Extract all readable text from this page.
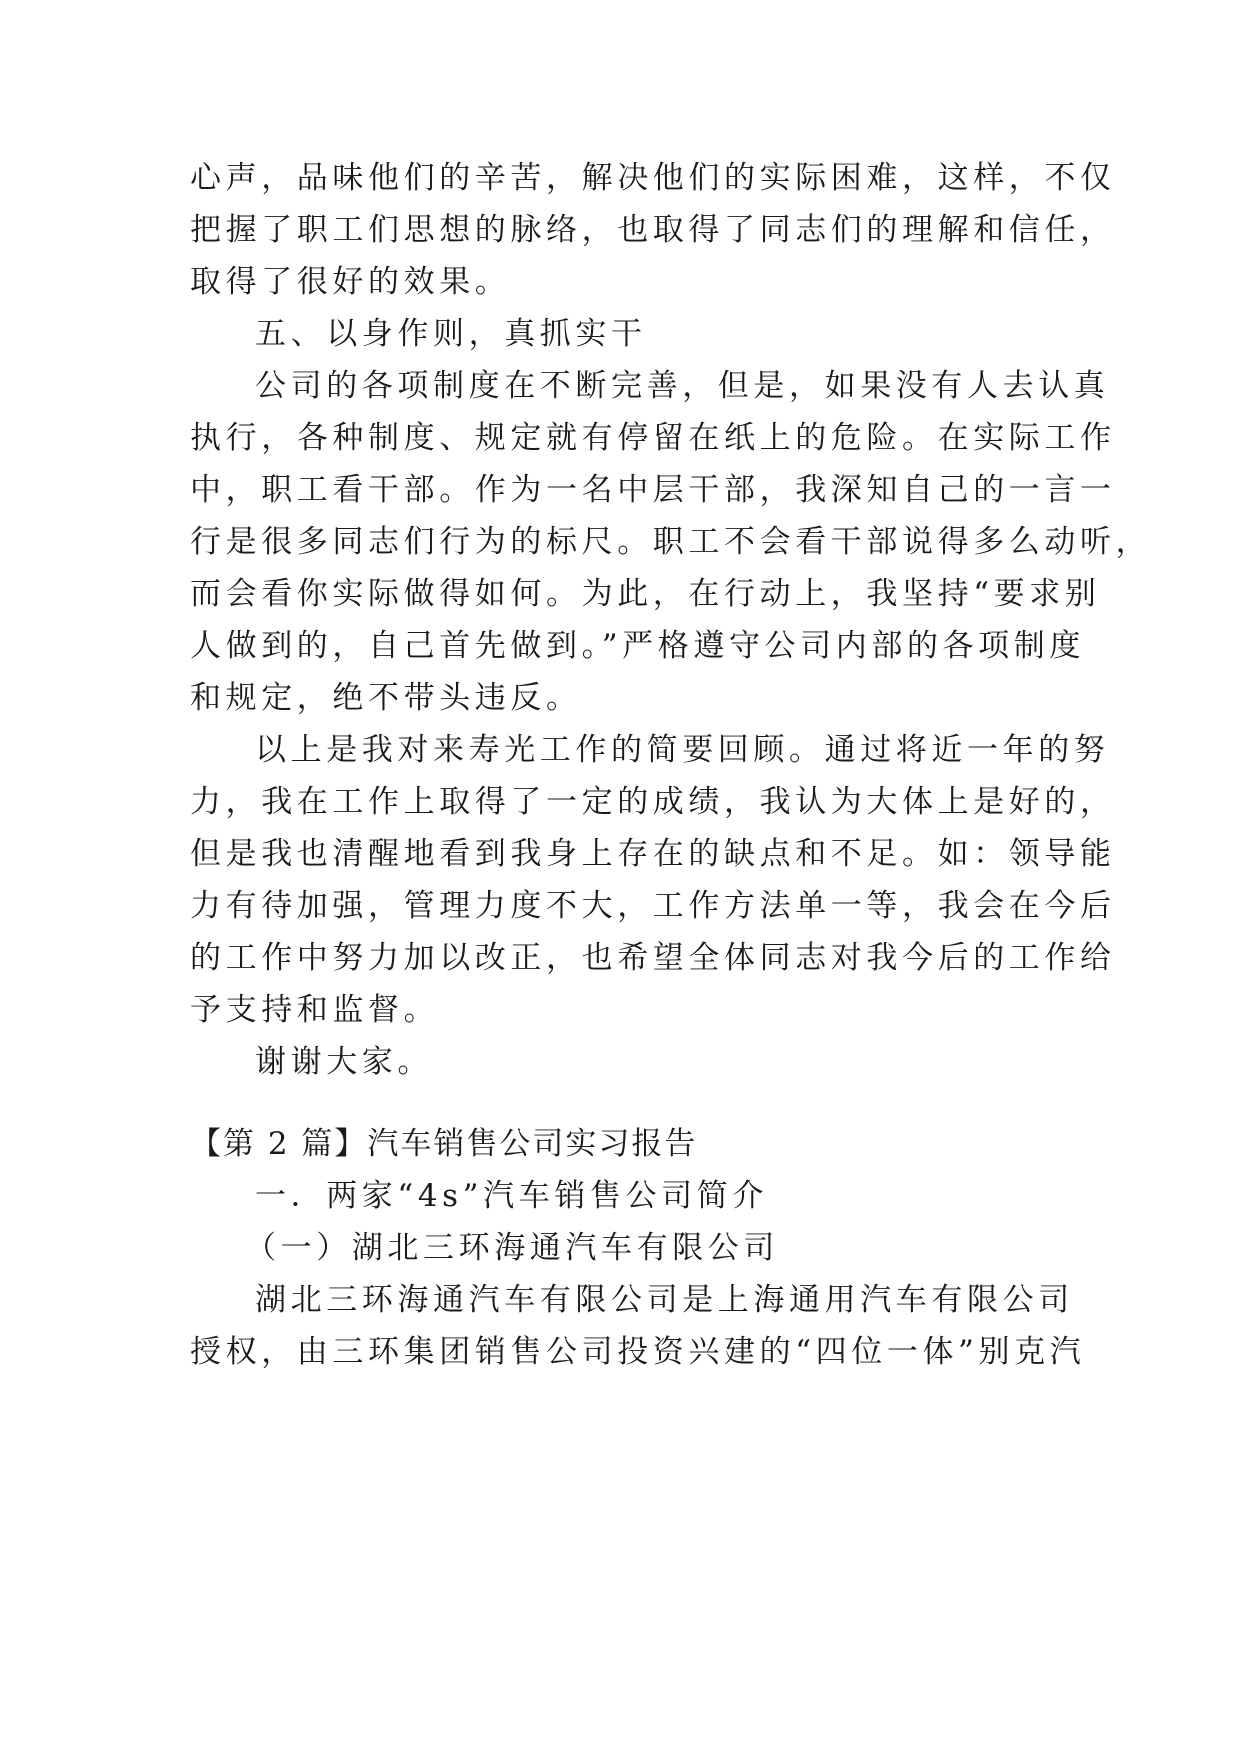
心声，品味他们的辛苦，解决他们的实际困难，这样，不仅
把握了职工们思想的脉络，也取得了同志们的理解和信任，
取得了很好的效果。
五、以身作则，真抓实干
公司的各项制度在不断完善，但是，如果没有人去认真
执行，各种制度、规定就有停留在纸上的危险。在实际工作
中，职工看干部。作为一名中层干部，我深知自己的一言一
行是很多同志们行为的标尺。职工不会看干部说得多么动听，
而会看你实际做得如何。为此，在行动上，我坚持“要求别
人做到的，自己首先做到。”严格遵守公司内部的各项制度
和规定，绝不带头违反。
以上是我对来寿光工作的简要回顾。通过将近一年的努
力，我在工作上取得了一定的成绩，我认为大体上是好的，
但是我也清醒地看到我身上存在的缺点和不足。如：领导能
力有待加强，管理力度不大，工作方法单一等，我会在今后
的工作中努力加以改正，也希望全体同志对我今后的工作给
予支持和监督。
谢谢大家。
【第 2 篇】汽车销售公司实习报告
一．两家“4s”汽车销售公司简介
（一）湖北三环海通汽车有限公司
湖北三环海通汽车有限公司是上海通用汽车有限公司
授权，由三环集团销售公司投资兴建的“四位一体”别克汽
